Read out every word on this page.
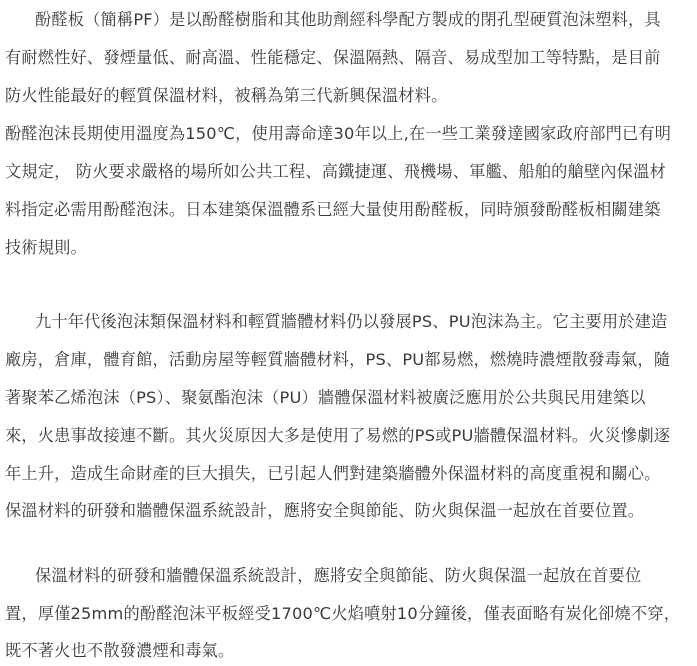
酚醛板（簡稱PF）是以酚醛樹脂和其他助劑經科學配方製成的閉孔型硬質泡沫塑料，具
有耐燃性好、發煙量低、耐高溫、性能穩定、保溫隔熱、隔音、易成型加工等特點，是目前
防火性能最好的輕質保溫材料，被稱為第三代新興保溫材料。
酚醛泡沫長期使用溫度為150℃，使用壽命達30年以上,在一些工業發達國家政府部門已有明
文規定， 防火要求嚴格的場所如公共工程、高鐵捷運、飛機場、軍艦、船舶的艙壁內保溫材
料指定必需用酚醛泡沫。日本建築保溫體系已經大量使用酚醛板，同時頒發酚醛板相關建築
技術規則。
九十年代後泡沫類保溫材料和輕質牆體材料仍以發展PS、PU泡沫為主。它主要用於建造
廠房，倉庫，體育館，活動房屋等輕質牆體材料，PS、PU都易燃，燃燒時濃煙散發毒氣，隨
著聚苯乙烯泡沫（PS）、聚氨酯泡沫（PU）牆體保溫材料被廣泛應用於公共與民用建築以
來，火患事故接連不斷。其火災原因大多是使用了易燃的PS或PU牆體保溫材料。火災慘劇逐
年上升，造成生命財產的巨大損失，已引起人們對建築牆體外保溫材料的高度重視和關心。
保溫材料的研發和牆體保溫系統設計，應將安全與節能、防火與保溫一起放在首要位置。
保溫材料的研發和牆體保溫系統設計，應將安全與節能、防火與保溫一起放在首要位
置，厚僅25mm的酚醛泡沫平板經受1700℃火焰噴射10分鐘後，僅表面略有炭化卻燒不穿，
既不著火也不散發濃煙和毒氣。
